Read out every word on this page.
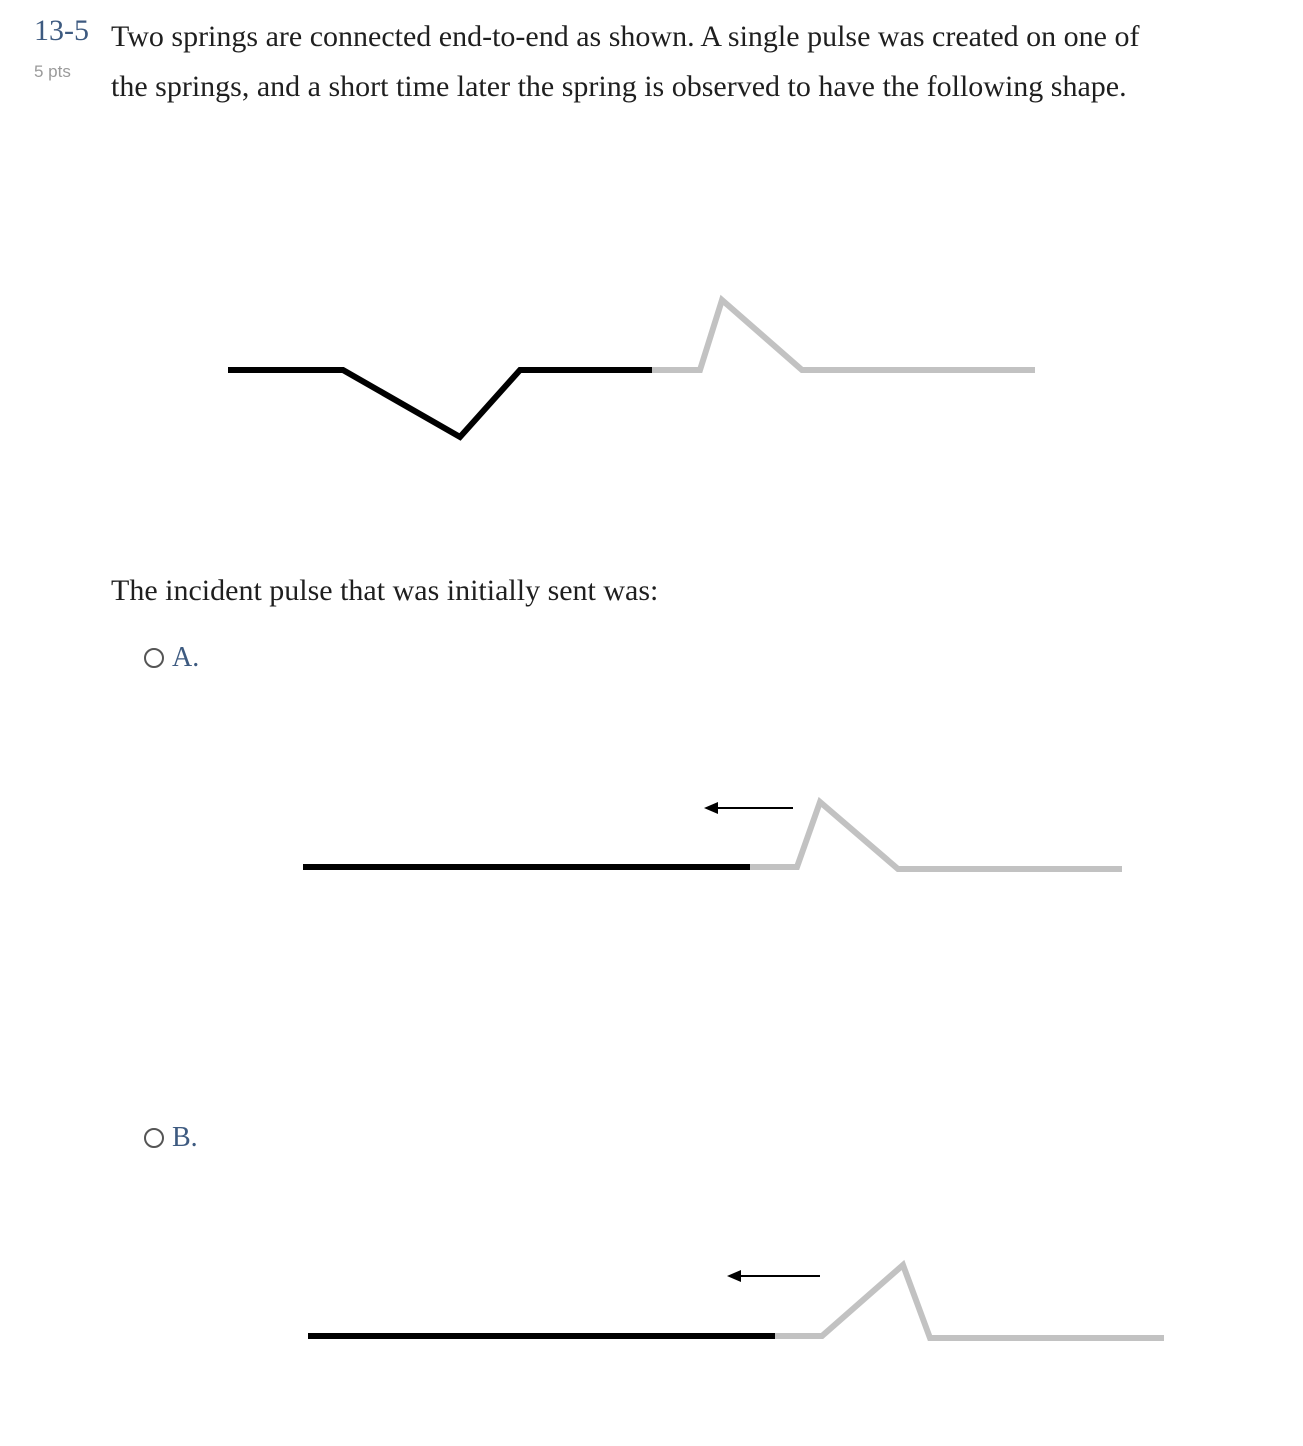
13-5
5 pts

Two springs are connected end-to-end as shown. A single pulse was created on one of the springs, and a short time later the spring is observed to have the following shape.

The incident pulse that was initially sent was:

A.
B.
